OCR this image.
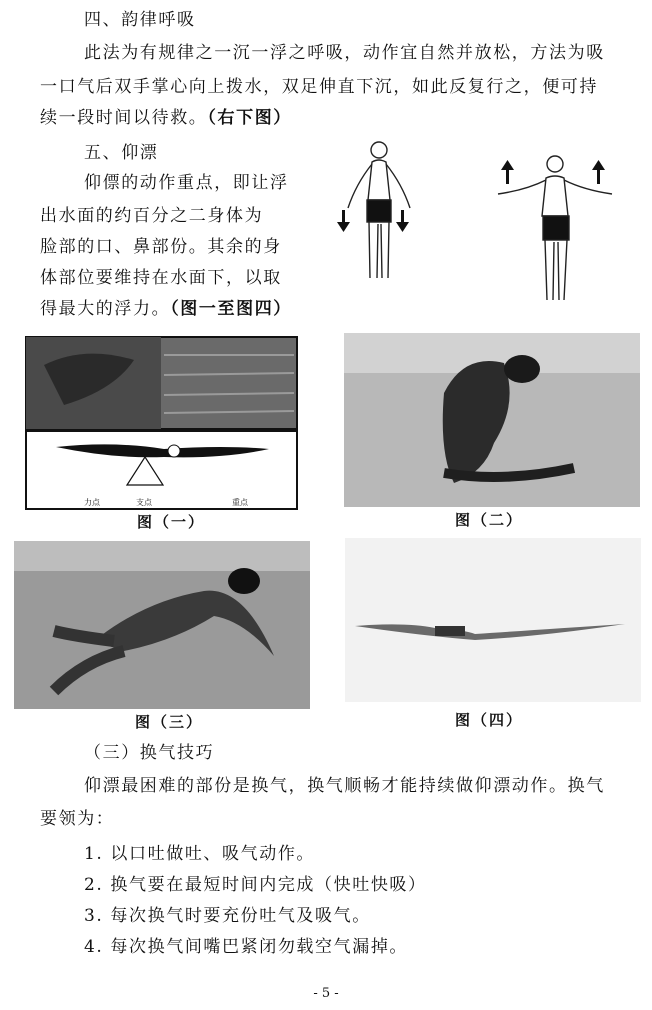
四、韵律呼吸
此法为有规律之一沉一浮之呼吸，动作宜自然并放松，方法为吸
一口气后双手掌心向上拨水，双足伸直下沉，如此反复行之，便可持
续一段时间以待救。（右下图）
五、仰漂
仰僄的动作重点，即让浮
出水面的约百分之二身体为
脸部的口、鼻部份。其余的身
体部位要维持在水面下，以取
得最大的浮力。（图一至图四）
力点	支点	重点
图（一）	图（二）
图（三）	图（四）
（三）换气技巧
仰漂最困难的部份是换气，换气顺畅才能持续做仰漂动作。换气
要领为：
1. 以口吐做吐、吸气动作。
2. 换气要在最短时间内完成（快吐快吸）
3. 每次换气时要充份吐气及吸气。
4. 每次换气间嘴巴紧闭勿载空气漏掉。
- 5 -
